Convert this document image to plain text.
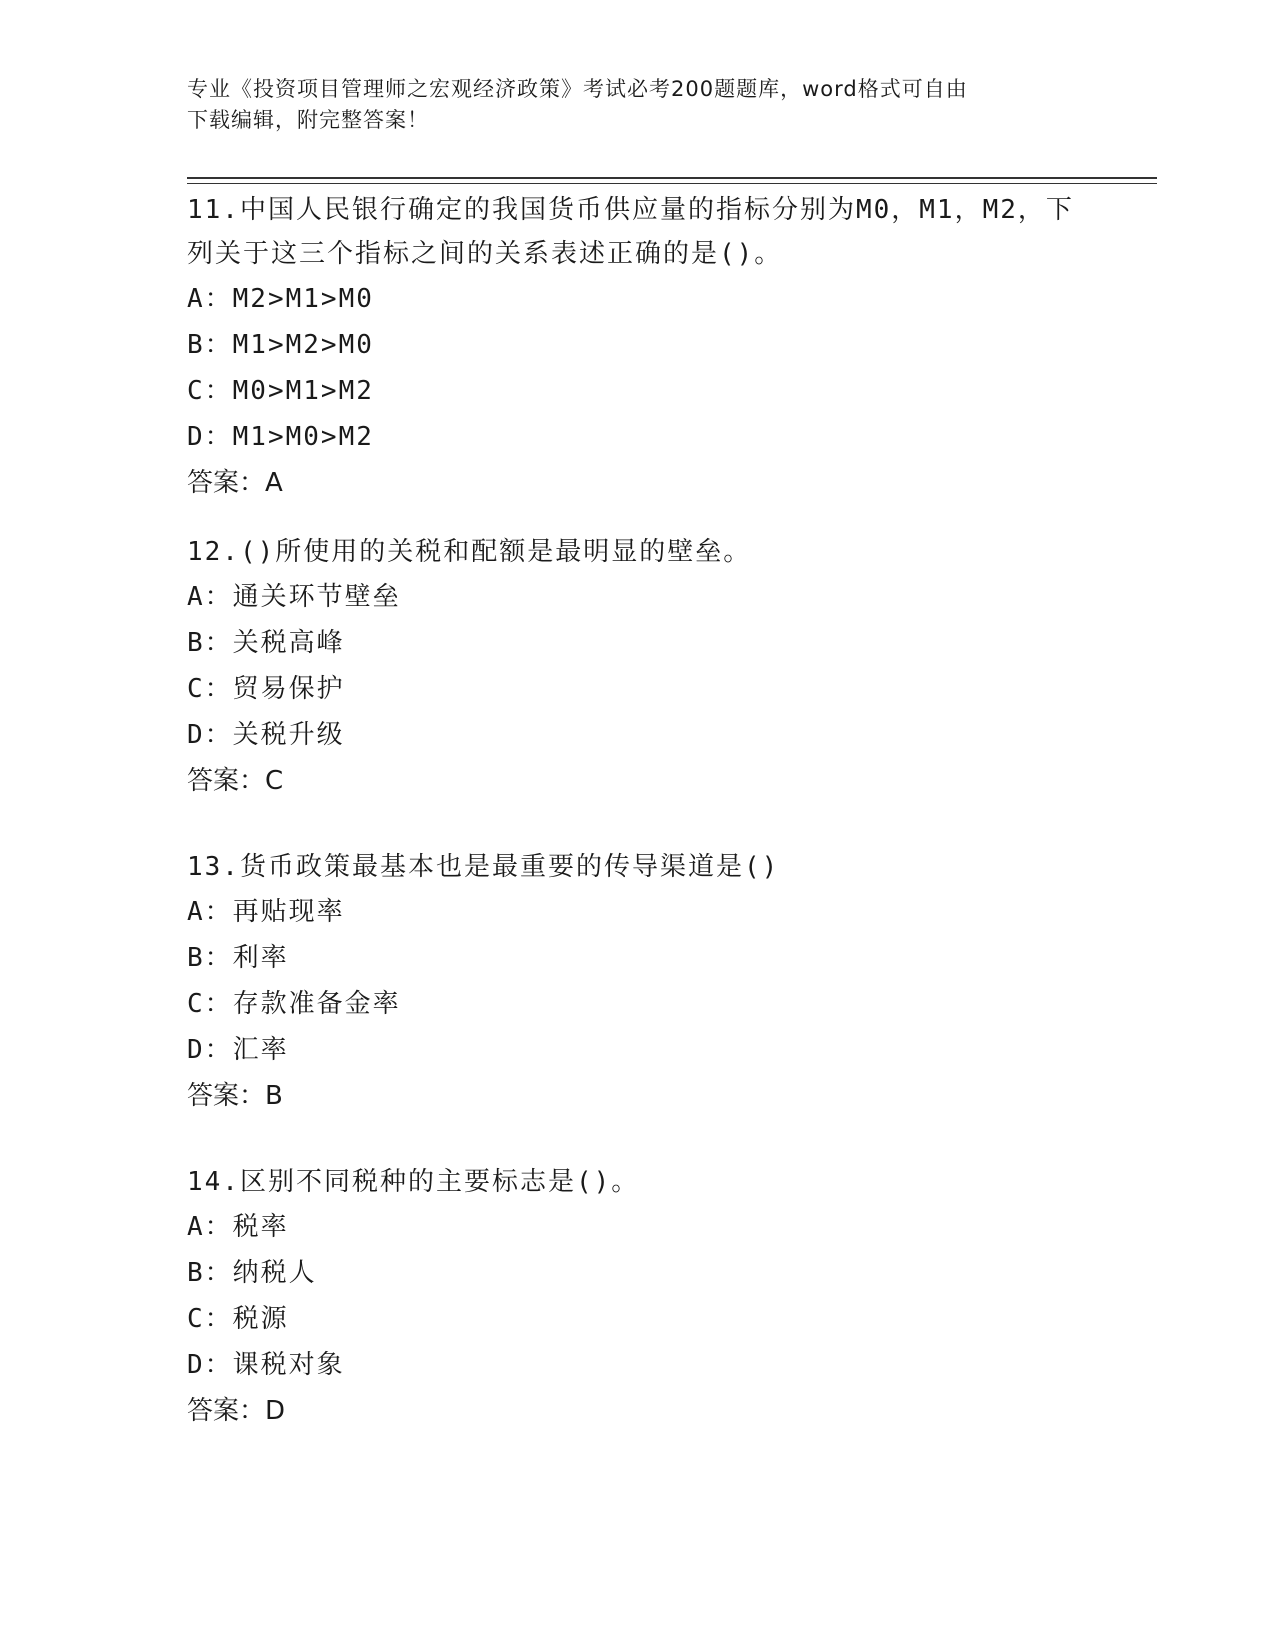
专业《投资项目管理师之宏观经济政策》考试必考200题题库，word格式可自由
下载编辑，附完整答案！
11.中国人民银行确定的我国货币供应量的指标分别为M0，M1，M2，下
列关于这三个指标之间的关系表述正确的是()。
A：M2>M1>M0
B：M1>M2>M0
C：M0>M1>M2
D：M1>M0>M2
答案：A
12.()所使用的关税和配额是最明显的壁垒。
A：通关环节壁垒
B：关税高峰
C：贸易保护
D：关税升级
答案：C
13.货币政策最基本也是最重要的传导渠道是()
A：再贴现率
B：利率
C：存款准备金率
D：汇率
答案：B
14.区别不同税种的主要标志是()。
A：税率
B：纳税人
C：税源
D：课税对象
答案：D
